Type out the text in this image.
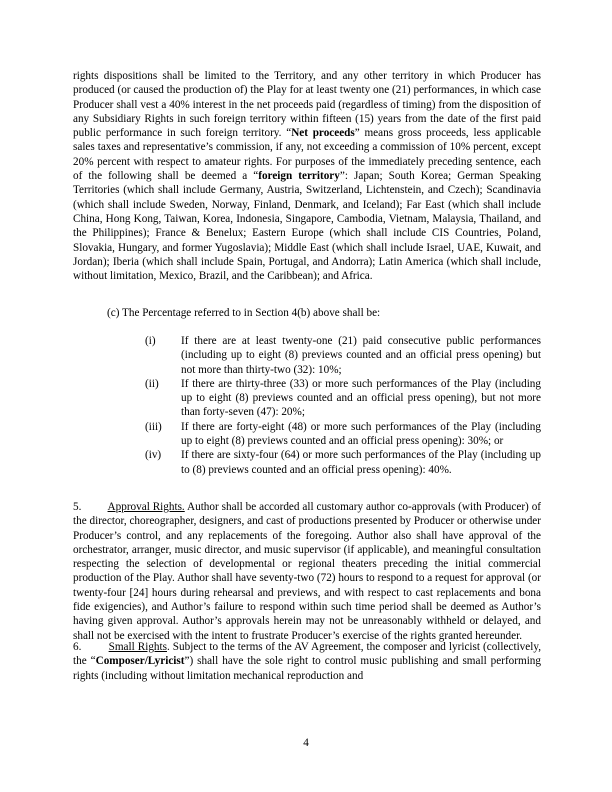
rights dispositions shall be limited to the Territory, and any other territory in which Producer has produced (or caused the production of) the Play for at least twenty one (21) performances, in which case Producer shall vest a 40% interest in the net proceeds paid (regardless of timing) from the disposition of any Subsidiary Rights in such foreign territory within fifteen (15) years from the date of the first paid public performance in such foreign territory. “Net proceeds” means gross proceeds, less applicable sales taxes and representative’s commission, if any, not exceeding a commission of 10% percent, except 20% percent with respect to amateur rights. For purposes of the immediately preceding sentence, each of the following shall be deemed a “foreign territory”: Japan; South Korea; German Speaking Territories (which shall include Germany, Austria, Switzerland, Lichtenstein, and Czech); Scandinavia (which shall include Sweden, Norway, Finland, Denmark, and Iceland); Far East (which shall include China, Hong Kong, Taiwan, Korea, Indonesia, Singapore, Cambodia, Vietnam, Malaysia, Thailand, and the Philippines); France & Benelux; Eastern Europe (which shall include CIS Countries, Poland, Slovakia, Hungary, and former Yugoslavia); Middle East (which shall include Israel, UAE, Kuwait, and Jordan); Iberia (which shall include Spain, Portugal, and Andorra); Latin America (which shall include, without limitation, Mexico, Brazil, and the Caribbean); and Africa.

(c) The Percentage referred to in Section 4(b) above shall be:

(i)	If there are at least twenty-one (21) paid consecutive public performances (including up to eight (8) previews counted and an official press opening) but not more than thirty-two (32): 10%;
(ii)	If there are thirty-three (33) or more such performances of the Play (including up to eight (8) previews counted and an official press opening), but not more than forty-seven (47): 20%;
(iii)	If there are forty-eight (48) or more such performances of the Play (including up to eight (8) previews counted and an official press opening): 30%; or
(iv)	If there are sixty-four (64) or more such performances of the Play (including up to (8) previews counted and an official press opening): 40%.

5. Approval Rights. Author shall be accorded all customary author co-approvals (with Producer) of the director, choreographer, designers, and cast of productions presented by Producer or otherwise under Producer’s control, and any replacements of the foregoing. Author also shall have approval of the orchestrator, arranger, music director, and music supervisor (if applicable), and meaningful consultation respecting the selection of developmental or regional theaters preceding the initial commercial production of the Play. Author shall have seventy-two (72) hours to respond to a request for approval (or twenty-four [24] hours during rehearsal and previews, and with respect to cast replacements and bona fide exigencies), and Author’s failure to respond within such time period shall be deemed as Author’s having given approval. Author’s approvals herein may not be unreasonably withheld or delayed, and shall not be exercised with the intent to frustrate Producer’s exercise of the rights granted hereunder.

6. Small Rights. Subject to the terms of the AV Agreement, the composer and lyricist (collectively, the “Composer/Lyricist”) shall have the sole right to control music publishing and small performing rights (including without limitation mechanical reproduction and

4
